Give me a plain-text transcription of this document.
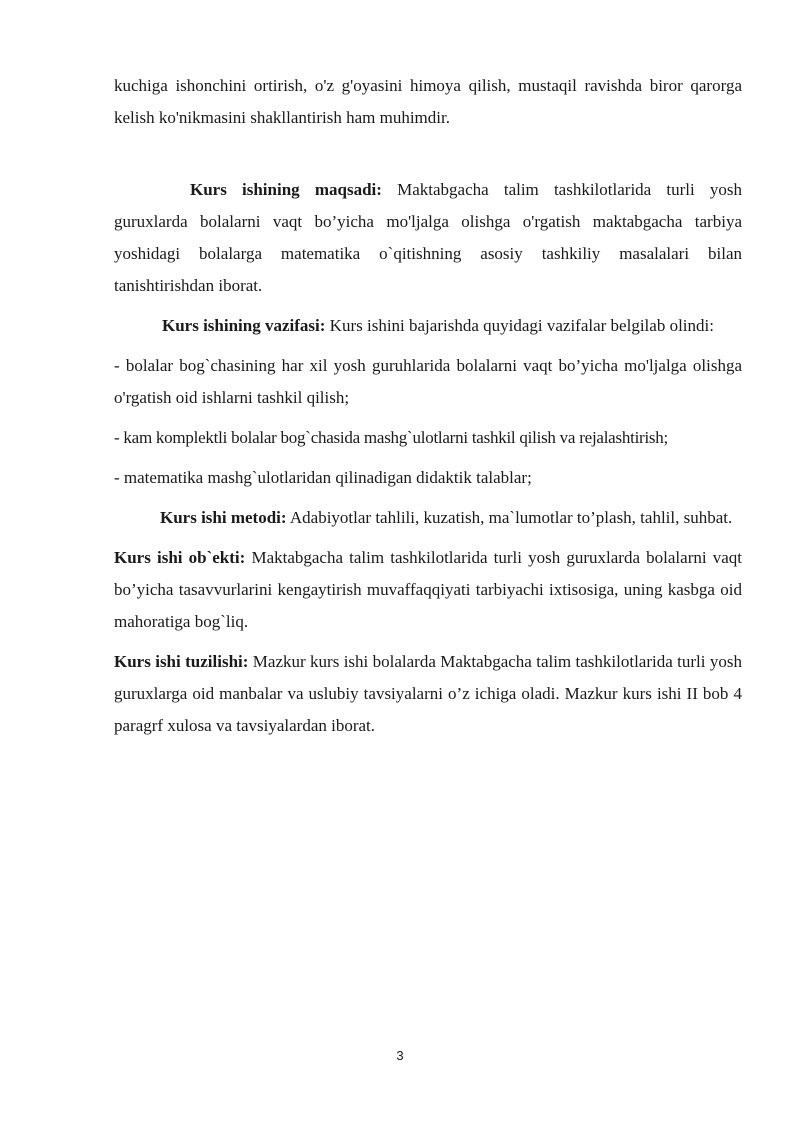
kuchiga ishonchini ortirish, o'z g'oyasini himoya qilish, mustaqil ravishda biror qarorga kelish ko'nikmasini shakllantirish ham muhimdir.

Kurs ishining maqsadi: Maktabgacha talim tashkilotlarida turli yosh guruxlarda bolalarni vaqt bo’yicha mo'ljalga olishga o'rgatish maktabgacha tarbiya yoshidagi bolalarga matematika o`qitishning asosiy tashkiliy masalalari bilan tanishtirishdan iborat.

Kurs ishining vazifasi: Kurs ishini bajarishda quyidagi vazifalar belgilab olindi:

- bolalar bog`chasining har xil yosh guruhlarida bolalarni vaqt bo’yicha mo'ljalga olishga o'rgatish oid ishlarni tashkil qilish;

- kam komplektli bolalar bog`chasida mashg`ulotlarni tashkil qilish va rejalashtirish;

- matematika mashg`ulotlaridan qilinadigan didaktik talablar;

Kurs ishi metodi: Adabiyotlar tahlili, kuzatish, ma`lumotlar to’plash, tahlil, suhbat.

Kurs ishi ob`ekti: Maktabgacha talim tashkilotlarida turli yosh guruxlarda bolalarni vaqt bo’yicha tasavvurlarini kengaytirish muvaffaqqiyati tarbiyachi ixtisosiga, uning kasbga oid mahoratiga bog`liq.

Kurs ishi tuzilishi: Mazkur kurs ishi bolalarda Maktabgacha talim tashkilotlarida turli yosh guruxlarga oid manbalar va uslubiy tavsiyalarni o’z ichiga oladi. Mazkur kurs ishi II bob 4 paragrf xulosa va tavsiyalardan iborat.

3
